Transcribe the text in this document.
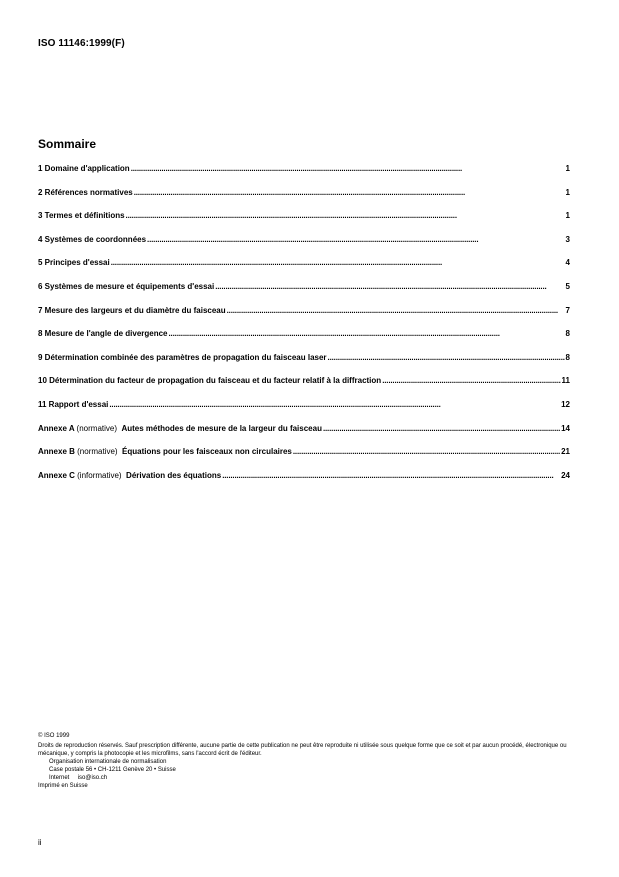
ISO 11146:1999(F)
Sommaire
1 Domaine d'application . . .	1
2 Références normatives . . .	1
3 Termes et définitions . . .	1
4 Systèmes de coordonnées . . .	3
5 Principes d'essai . . .	4
6 Systèmes de mesure et équipements d'essai . . .	5
7 Mesure des largeurs et du diamètre du faisceau . . .	7
8 Mesure de l'angle de divergence . . .	8
9 Détermination combinée des paramètres de propagation du faisceau laser . . .	8
10 Détermination du facteur de propagation du faisceau et du facteur relatif à la diffraction . . .	11
11 Rapport d'essai . . .	12
Annexe A (normative) Autes méthodes de mesure de la largeur du faisceau . . .	14
Annexe B (normative) Équations pour les faisceaux non circulaires . . .	21
Annexe C (informative) Dérivation des équations . . .	24
© ISO 1999
Droits de reproduction réservés. Sauf prescription différente, aucune partie de cette publication ne peut être reproduite ni utilisée sous quelque forme que ce soit et par aucun procédé, électronique ou mécanique, y compris la photocopie et les microfilms, sans l'accord écrit de l'éditeur.
Organisation internationale de normalisation
Case postale 56 • CH-1211 Genève 20 • Suisse
Internet iso@iso.ch
Imprimé en Suisse
ii
